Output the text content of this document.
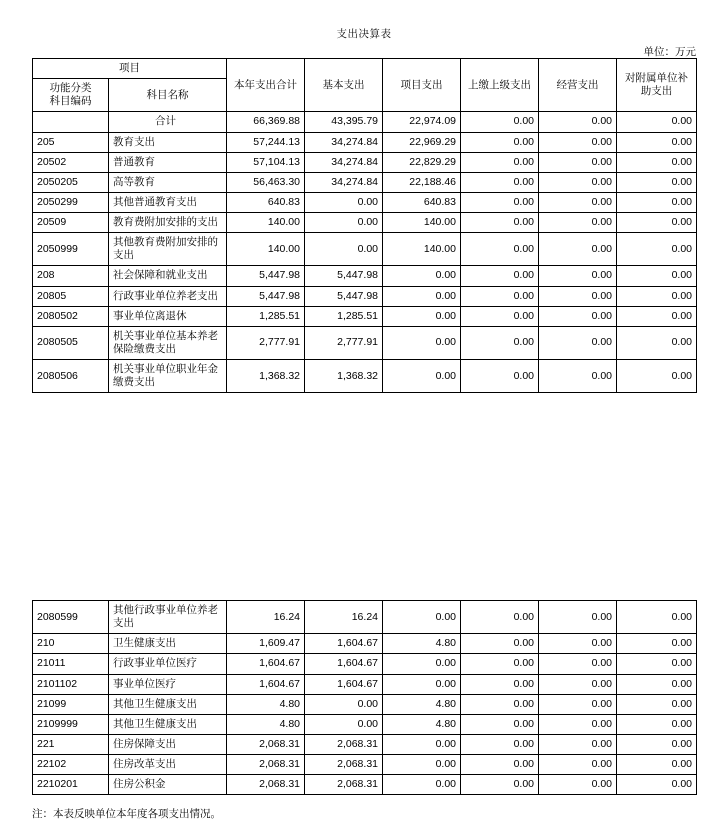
支出决算表
单位：万元
项目		本年支出合计	基本支出	项目支出	上缴上级支出	经营支出	对附属单位补
助支出
功能分类
科目编码	科目名称						
	合计	66,369.88	43,395.79	22,974.09	0.00	0.00	0.00
205	教育支出	57,244.13	34,274.84	22,969.29	0.00	0.00	0.00
20502	普通教育	57,104.13	34,274.84	22,829.29	0.00	0.00	0.00
2050205	高等教育	56,463.30	34,274.84	22,188.46	0.00	0.00	0.00
2050299	其他普通教育支出	640.83	0.00	640.83	0.00	0.00	0.00
20509	教育费附加安排的支出	140.00	0.00	140.00	0.00	0.00	0.00
2050999	其他教育费附加安排的支出	140.00	0.00	140.00	0.00	0.00	0.00
208	社会保障和就业支出	5,447.98	5,447.98	0.00	0.00	0.00	0.00
20805	行政事业单位养老支出	5,447.98	5,447.98	0.00	0.00	0.00	0.00
2080502	事业单位离退休	1,285.51	1,285.51	0.00	0.00	0.00	0.00
2080505	机关事业单位基本养老保险缴费支出	2,777.91	2,777.91	0.00	0.00	0.00	0.00
2080506	机关事业单位职业年金缴费支出	1,368.32	1,368.32	0.00	0.00	0.00	0.00
2080599	其他行政事业单位养老支出	16.24	16.24	0.00	0.00	0.00	0.00
210	卫生健康支出	1,609.47	1,604.67	4.80	0.00	0.00	0.00
21011	行政事业单位医疗	1,604.67	1,604.67	0.00	0.00	0.00	0.00
2101102	事业单位医疗	1,604.67	1,604.67	0.00	0.00	0.00	0.00
21099	其他卫生健康支出	4.80	0.00	4.80	0.00	0.00	0.00
2109999	其他卫生健康支出	4.80	0.00	4.80	0.00	0.00	0.00
221	住房保障支出	2,068.31	2,068.31	0.00	0.00	0.00	0.00
22102	住房改革支出	2,068.31	2,068.31	0.00	0.00	0.00	0.00
2210201	住房公积金	2,068.31	2,068.31	0.00	0.00	0.00	0.00
注：本表反映单位本年度各项支出情况。
